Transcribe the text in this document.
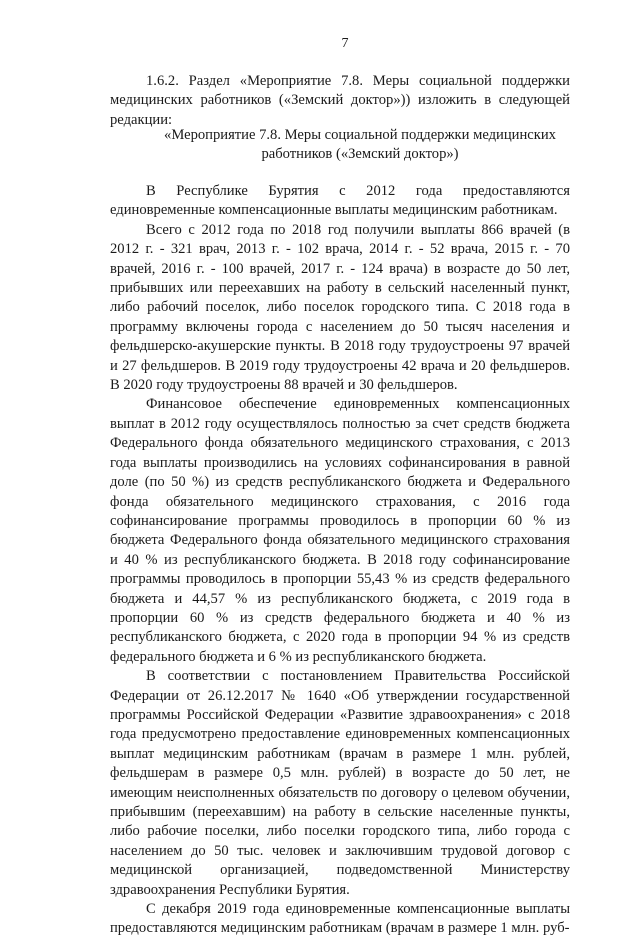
7

1.6.2. Раздел «Мероприятие 7.8. Меры социальной поддержки медицинских работников («Земский доктор»)) изложить в следующей редакции:

«Мероприятие 7.8. Меры социальной поддержки медицинских работников («Земский доктор»)

В Республике Бурятия с 2012 года предоставляются единовременные компенсационные выплаты медицинским работникам.

Всего с 2012 года по 2018 год получили выплаты 866 врачей (в 2012 г. - 321 врач, 2013 г. - 102 врача, 2014 г. - 52 врача, 2015 г. - 70 врачей, 2016 г. - 100 врачей, 2017 г. - 124 врача) в возрасте до 50 лет, прибывших или переехавших на работу в сельский населенный пункт, либо рабочий поселок, либо поселок городского типа. С 2018 года в программу включены города с населением до 50 тысяч населения и фельдшерско-акушерские пункты. В 2018 году трудоустроены 97 врачей и 27 фельдшеров. В 2019 году трудоустроены 42 врача и 20 фельдшеров. В 2020 году трудоустроены 88 врачей и 30 фельдшеров.

Финансовое обеспечение единовременных компенсационных выплат в 2012 году осуществлялось полностью за счет средств бюджета Федерального фонда обязательного медицинского страхования, с 2013 года выплаты производились на условиях софинансирования в равной доле (по 50 %) из средств республиканского бюджета и Федерального фонда обязательного медицинского страхования, с 2016 года софинансирование программы проводилось в пропорции 60 % из бюджета Федерального фонда обязательного медицинского страхования и 40 % из республиканского бюджета. В 2018 году софинансирование программы проводилось в пропорции 55,43 % из средств федерального бюджета и 44,57 % из республиканского бюджета, с 2019 года в пропорции 60 % из средств федерального бюджета и 40 % из республиканского бюджета, с 2020 года в пропорции 94 % из средств федерального бюджета и 6 % из республиканского бюджета.

В соответствии с постановлением Правительства Российской Федерации от 26.12.2017 № 1640 «Об утверждении государственной программы Российской Федерации «Развитие здравоохранения» с 2018 года предусмотрено предоставление единовременных компенсационных выплат медицинским работникам (врачам в размере 1 млн. рублей, фельдшерам в размере 0,5 млн. рублей) в возрасте до 50 лет, не имеющим неисполненных обязательств по договору о целевом обучении, прибывшим (переехавшим) на работу в сельские населенные пункты, либо рабочие поселки, либо поселки городского типа, либо города с населением до 50 тыс. человек и заключившим трудовой договор с медицинской организацией, подведомственной Министерству здравоохранения Республики Бурятия.

С декабря 2019 года единовременные компенсационные выплаты предоставляются медицинским работникам (врачам в размере 1 млн. руб-
